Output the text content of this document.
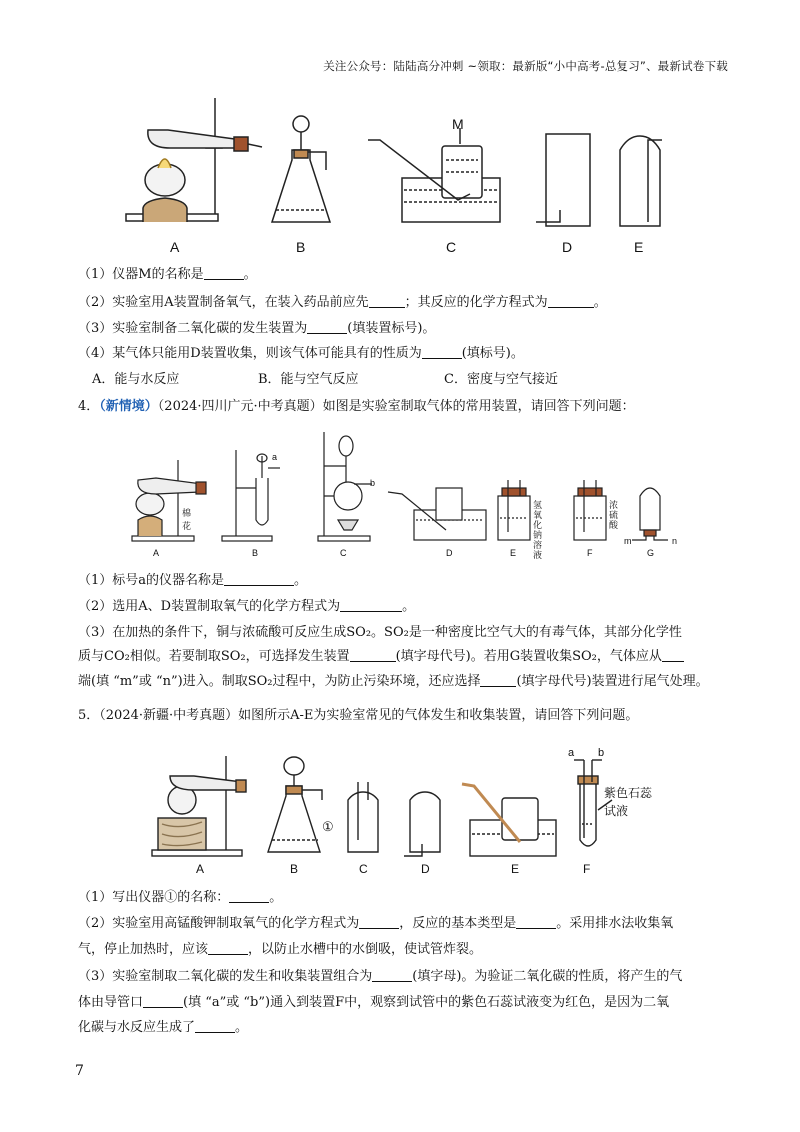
关注公众号：陆陆高分冲刺 ~领取：最新版“小中高考-总复习”、最新试卷下载
A	B	C	D	E
M
（1）仪器M的名称是	。
（2）实验室用A装置制备氧气，在装入药品前应先	；其反应的化学方程式为	。
（3）实验室制备二氧化碳的发生装置为	(填装置标号)。
（4）某气体只能用D装置收集，则该气体可能具有的性质为	(填标号)。
A．能与水反应	B．能与空气反应	C．密度与空气接近
4．（新情境）（2024·四川广元·中考真题）如图是实验室制取气体的常用装置，请回答下列问题：
棉花
a
b
氢氧化钠溶液
浓硫酸
m	n
A	B	C	D	E	F	G
（1）标号a的仪器名称是	。
（2）选用A、D装置制取氧气的化学方程式为	。
（3）在加热的条件下，铜与浓硫酸可反应生成SO₂。SO₂是一种密度比空气大的有毒气体，其部分化学性
质与CO₂相似。若要制取SO₂，可选择发生装置	(填字母代号)。若用G装置收集SO₂，气体应从
端(填 “m”或 “n”)进入。制取SO₂过程中，为防止污染环境，还应选择	(填字母代号)装置进行尾气处理。
5．（2024·新疆·中考真题）如图所示A-E为实验室常见的气体发生和收集装置，请回答下列问题。
①
a b
紫色石蕊试液
A	B	C	D	E	F
（1）写出仪器①的名称：	。
（2）实验室用高锰酸钾制取氧气的化学方程式为	，反应的基本类型是	。采用排水法收集氧
气，停止加热时，应该	，以防止水槽中的水倒吸，使试管炸裂。
（3）实验室制取二氧化碳的发生和收集装置组合为	(填字母)。为验证二氧化碳的性质，将产生的气
体由导管口	(填 “a”或 “b”)通入到装置F中，观察到试管中的紫色石蕊试液变为红色，是因为二氧
化碳与水反应生成了	。
7
